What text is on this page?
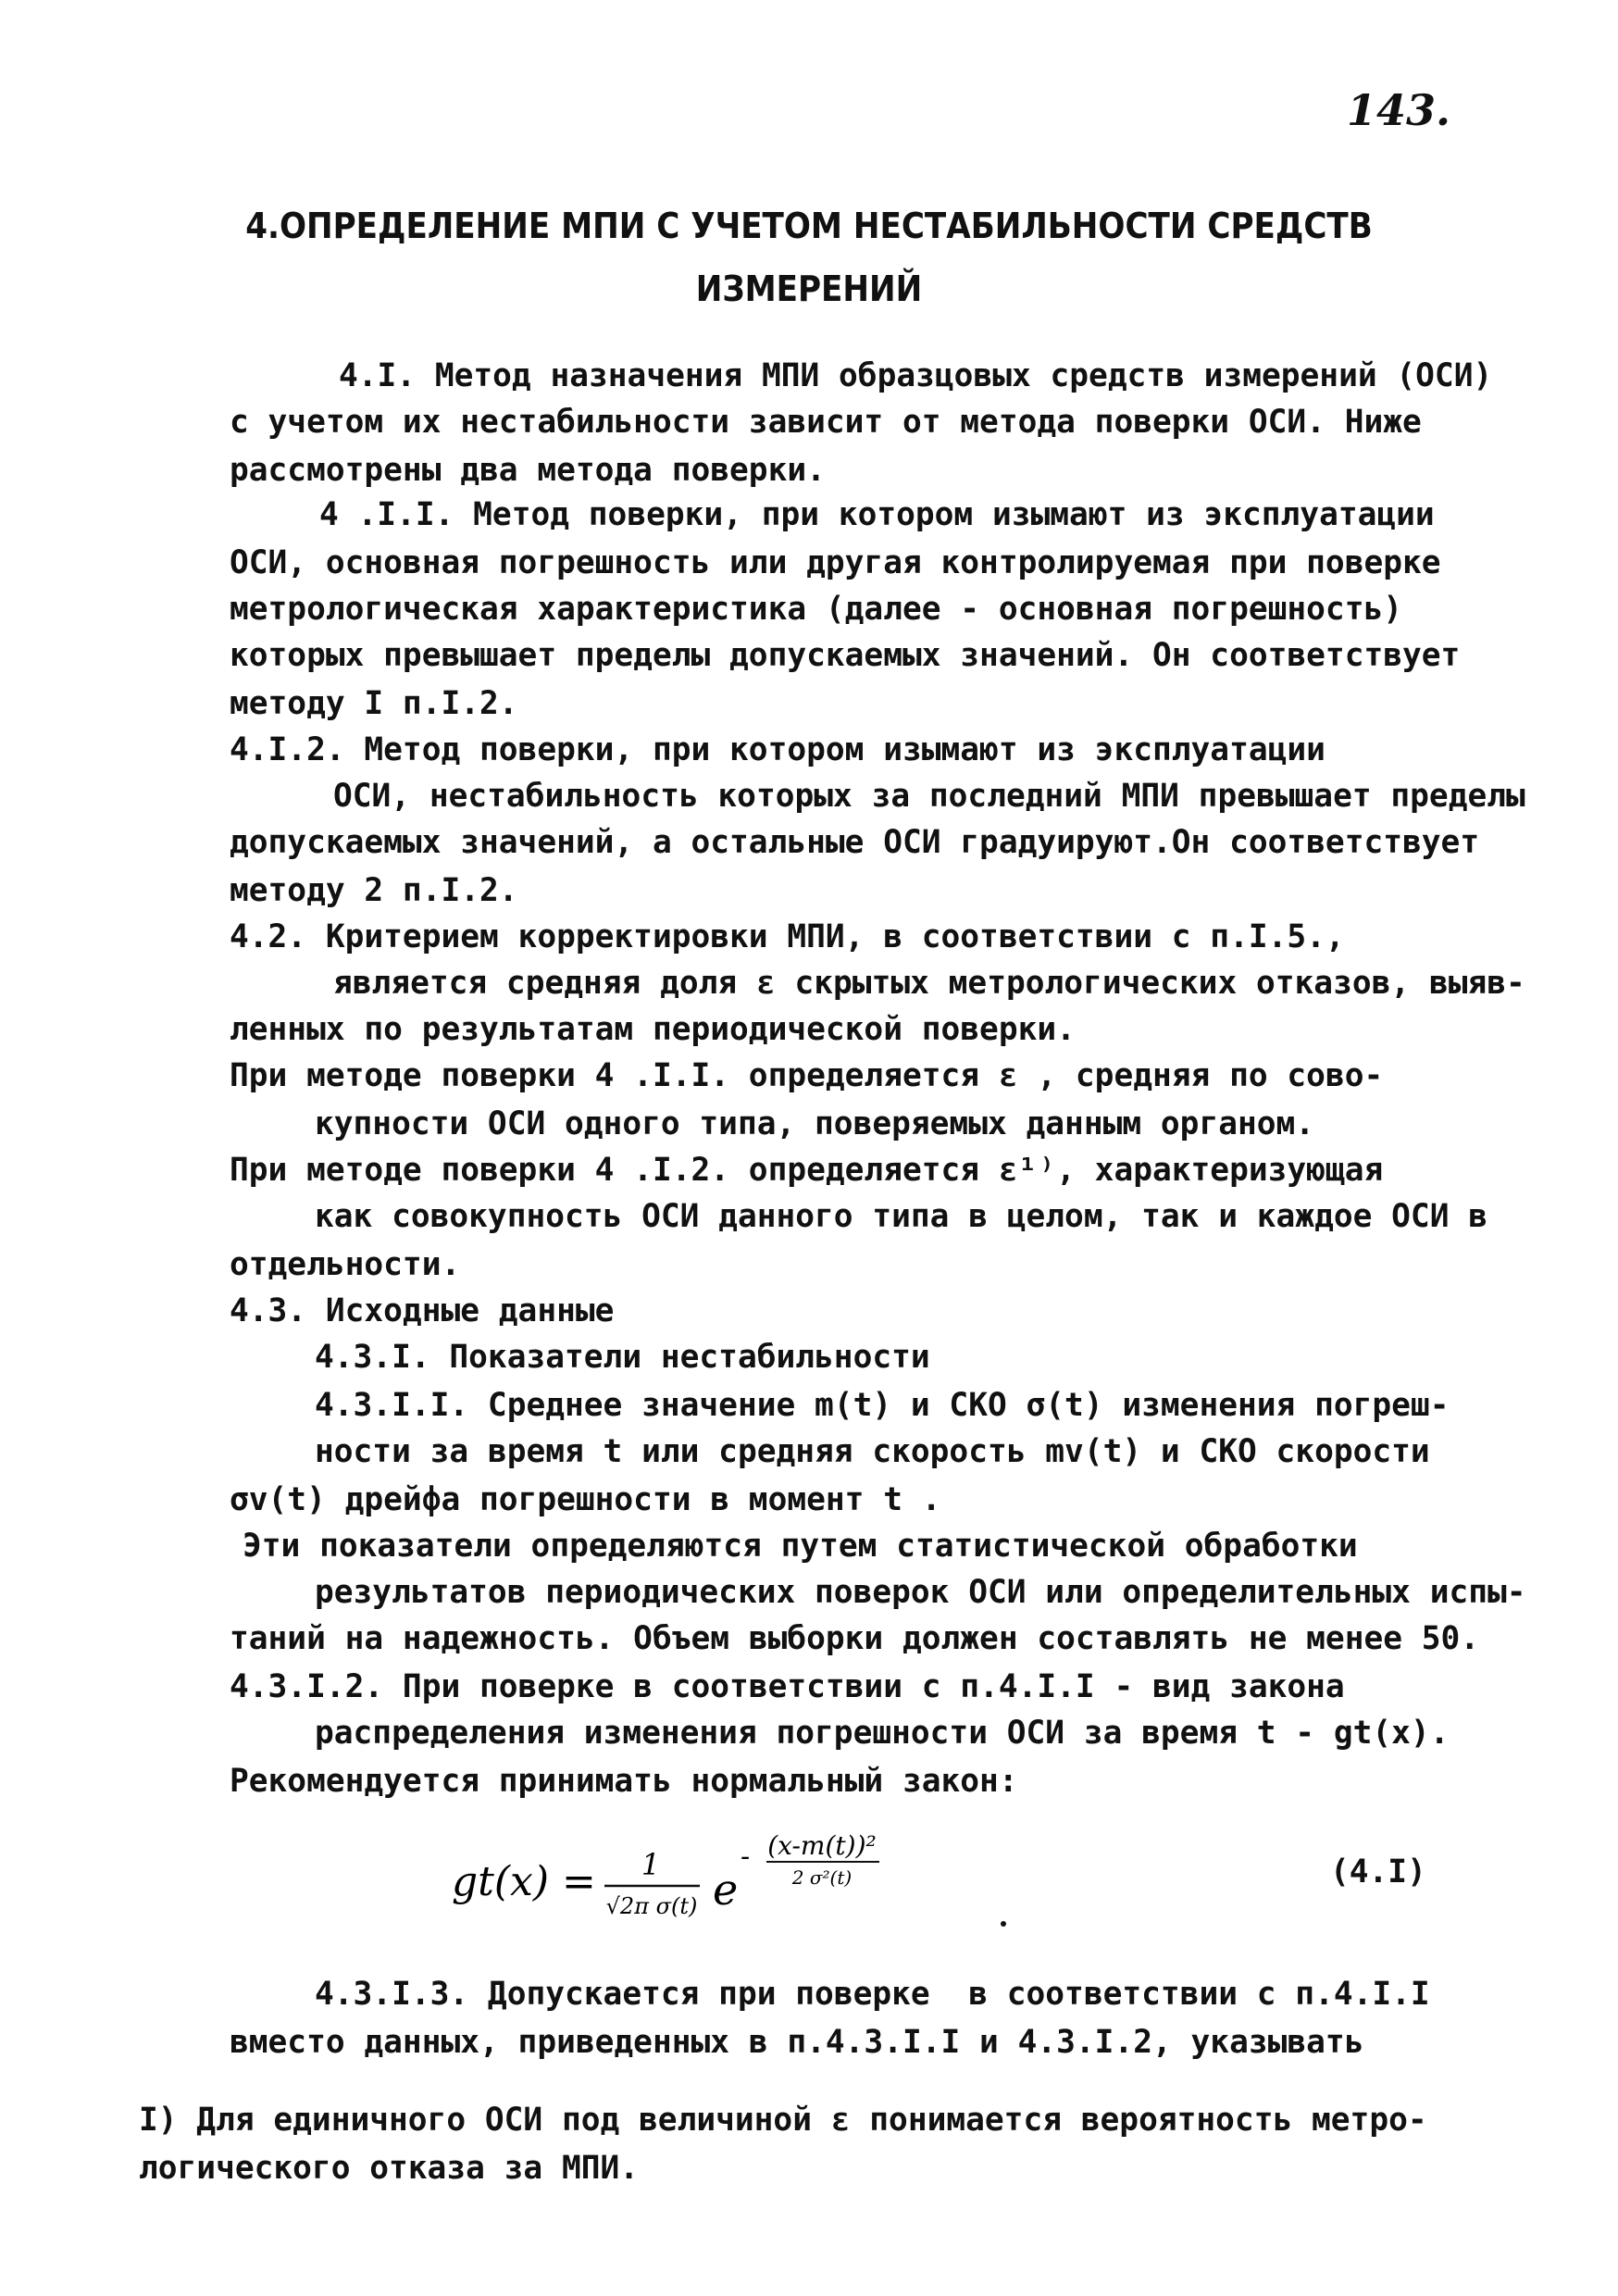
143.
4.ОПРЕДЕЛЕНИЕ МПИ С УЧЕТОМ НЕСТАБИЛЬНОСТИ СРЕДСТВ
ИЗМЕРЕНИЙ
4.I. Метод назначения МПИ образцовых средств измерений (ОСИ)
с учетом их нестабильности зависит от метода поверки ОСИ. Ниже
рассмотрены два метода поверки.
4 .I.I. Метод поверки, при котором изымают из эксплуатации
ОСИ, основная погрешность или другая контролируемая при поверке
метрологическая характеристика (далее - основная погрешность)
которых превышает пределы допускаемых значений. Он соответствует
методу I п.I.2.
4.I.2. Метод поверки, при котором изымают из эксплуатации
ОСИ, нестабильность которых за последний МПИ превышает пределы
допускаемых значений, а остальные ОСИ градуируют.Он соответствует
методу 2 п.I.2.
4.2. Критерием корректировки МПИ, в соответствии с п.I.5.,
является средняя доля ε скрытых метрологических отказов, выяв-
ленных по результатам периодической поверки.
При методе поверки 4 .I.I. определяется ε , средняя по сово-
купности ОСИ одного типа, поверяемых данным органом.
При методе поверки 4 .I.2. определяется ε¹⁾, характеризующая
как совокупность ОСИ данного типа в целом, так и каждое ОСИ в
отдельности.
4.3. Исходные данные
4.3.I. Показатели нестабильности
4.3.I.I. Среднее значение m(t) и СКО σ(t) изменения погреш-
ности за время t или средняя скорость mv(t) и СКО скорости
σv(t) дрейфа погрешности в момент t .
Эти показатели определяются путем статистической обработки
результатов периодических поверок ОСИ или определительных испы-
таний на надежность. Объем выборки должен составлять не менее 50.
4.3.I.2. При поверке в соответствии с п.4.I.I - вид закона
распределения изменения погрешности ОСИ за время t - gt(x).
Рекомендуется принимать нормальный закон:
gt(x) = 1
√2π σ(t) e
- (x-m(t))²
2 σ²(t)	(4.I)
4.3.I.3. Допускается при поверке  в соответствии с п.4.I.I
вместо данных, приведенных в п.4.3.I.I и 4.3.I.2, указывать
I) Для единичного ОСИ под величиной ε понимается вероятность метро-
логического отказа за МПИ.
